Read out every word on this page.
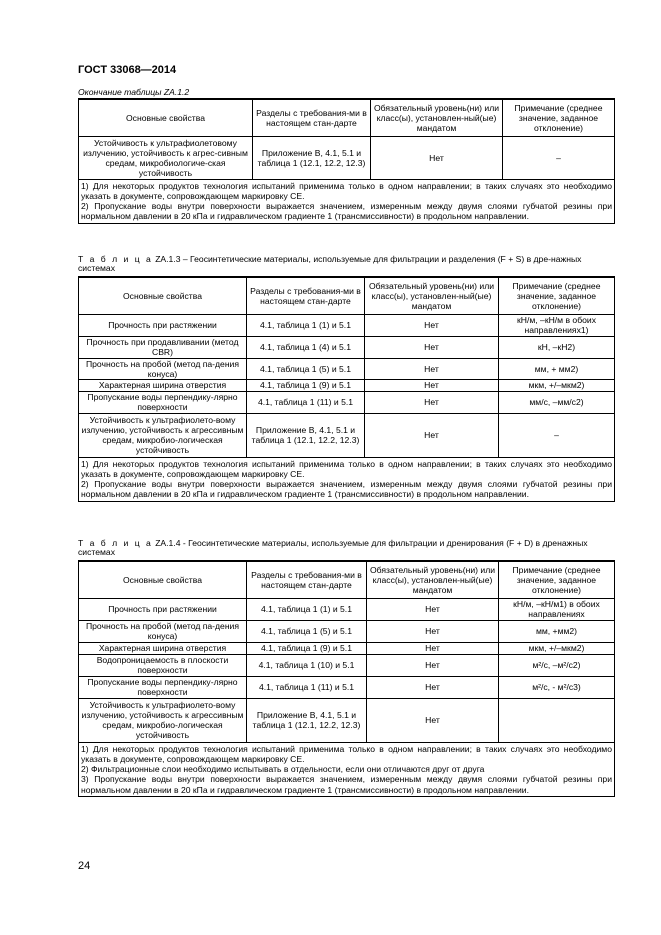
ГОСТ 33068—2014
Окончание таблицы ZA.1.2
Основные свойства	Разделы с требования-ми в настоящем стан-дарте	Обязательный уровень(ни) или класс(ы), установлен-ный(ые) мандатом	Примечание (среднее значение, заданное отклонение)
Устойчивость к ультрафиолетовому излучению, устойчивость к агрес-сивным средам, микробиологиче-ская устойчивость	Приложение B, 4.1, 5.1 и таблица 1 (12.1, 12.2, 12.3)	Нет	–

1) Для некоторых продуктов технология испытаний применима только в одном направлении; в таких случаях это необходимо указать в документе, сопровождающем маркировку CE.
2) Пропускание воды внутри поверхности выражается значением, измеренным между двумя слоями губчатой резины при нормальном давлении в 20 кПа и гидравлическом градиенте 1 (трансмиссивности) в продольном направлении.			
Т а б л и ц а ZA.1.3 – Геосинтетические материалы, используемые для фильтрации и разделения (F + S) в дре-нажных системах
Основные свойства	Разделы с требования-ми в настоящем стан-дарте	Обязательный уровень(ни) или класс(ы), установлен-ный(ые) мандатом	Примечание (среднее значение, заданное отклонение)
Прочность при растяжении	4.1, таблица 1 (1) и 5.1	Нет	кН/м, –кН/м в обоих направлениях1)
Прочность при продавливании (метод CBR)	4.1, таблица 1 (4) и 5.1	Нет	кН, –кН2)
Прочность на пробой (метод па-дения конуса)	4.1, таблица 1 (5) и 5.1	Нет	мм, + мм2)
Характерная ширина отверстия	4.1, таблица 1 (9) и 5.1	Нет	мкм, +/–мкм2)
Пропускание воды перпендику-лярно поверхности	4.1, таблица 1 (11) и 5.1	Нет	мм/с, –мм/с2)
Устойчивость к ультрафиолето-вому излучению, устойчивость к агрессивным средам, микробио-логическая устойчивость	Приложение B, 4.1, 5.1 и таблица 1 (12.1, 12.2, 12.3)	Нет	–

1) Для некоторых продуктов технология испытаний применима только в одном направлении; в таких случаях это необходимо указать в документе, сопровождающем маркировку CE.
2) Пропускание воды внутри поверхности выражается значением, измеренным между двумя слоями губчатой резины при нормальном давлении в 20 кПа и гидравлическом градиенте 1 (трансмиссивности) в продольном направлении.			
Т а б л и ц а ZA.1.4 - Геосинтетические материалы, используемые для фильтрации и дренирования (F + D) в дренажных системах
Основные свойства	Разделы с требования-ми в настоящем стан-дарте	Обязательный уровень(ни) или класс(ы), установлен-ный(ые) мандатом	Примечание (среднее значение, заданное отклонение)
Прочность при растяжении	4.1, таблица 1 (1) и 5.1	Нет	кН/м, –кН/м1) в обоих направлениях
Прочность на пробой (метод па-дения конуса)	4.1, таблица 1 (5) и 5.1	Нет	мм, +мм2)
Характерная ширина отверстия	4.1, таблица 1 (9) и 5.1	Нет	мкм, +/–мкм2)
Водопроницаемость в плоскости поверхности	4.1, таблица 1 (10) и 5.1	Нет	м²/с, –м²/с2)
Пропускание воды перпендику-лярно поверхности	4.1, таблица 1 (11) и 5.1	Нет	м²/с, - м²/с3)
Устойчивость к ультрафиолето-вому излучению, устойчивость к агрессивным средам, микробио-логическая устойчивость	Приложение B, 4.1, 5.1 и таблица 1 (12.1, 12.2, 12.3)	Нет	

1) Для некоторых продуктов технология испытаний применима только в одном направлении; в таких случаях это необходимо указать в документе, сопровождающем маркировку CE.
2) Фильтрационные слои необходимо испытывать в отдельности, если они отличаются друг от друга
3) Пропускание воды внутри поверхности выражается значением, измеренным между двумя слоями губчатой резины при нормальном давлении в 20 кПа и гидравлическом градиенте 1 (трансмиссивности) в продольном направлении.			
24
